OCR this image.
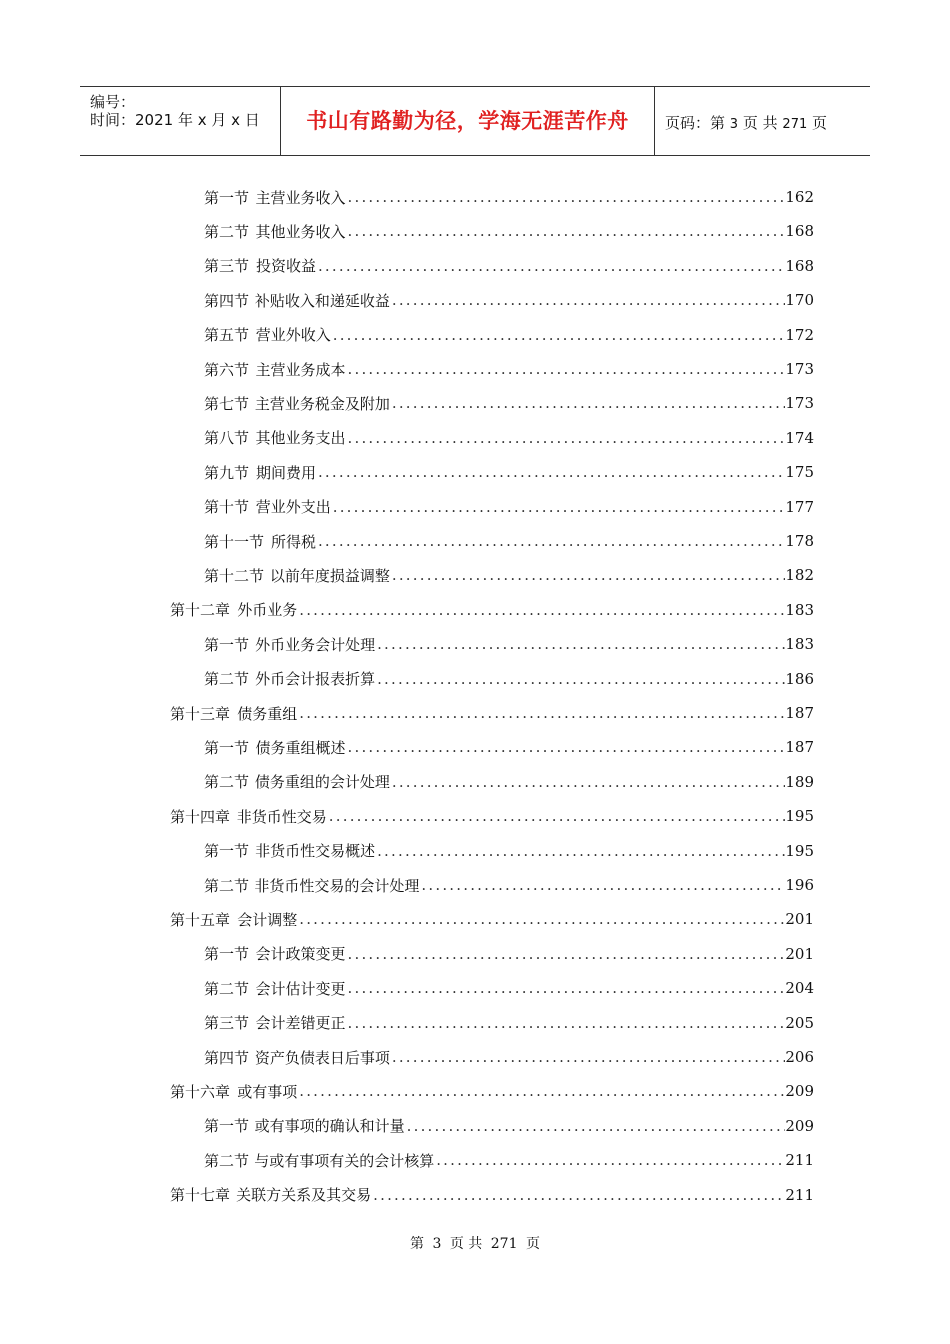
编号：
时间：2021 年 x 月 x 日	书山有路勤为径，学海无涯苦作舟	页码：第 3 页 共 271 页
第一节 主营业务收入 .....	162
第二节 其他业务收入 .....	168
第三节 投资收益 .....	168
第四节 补贴收入和递延收益 .....	170
第五节 营业外收入 .....	172
第六节 主营业务成本 .....	173
第七节 主营业务税金及附加 .....	173
第八节 其他业务支出 .....	174
第九节 期间费用 .....	175
第十节 营业外支出 .....	177
第十一节 所得税 .....	178
第十二节 以前年度损益调整 .....	182
第十二章 外币业务 .....	183
第一节 外币业务会计处理 .....	183
第二节 外币会计报表折算 .....	186
第十三章 债务重组 .....	187
第一节 债务重组概述 .....	187
第二节 债务重组的会计处理 .....	189
第十四章 非货币性交易 .....	195
第一节 非货币性交易概述 .....	195
第二节 非货币性交易的会计处理 .....	196
第十五章 会计调整 .....	201
第一节 会计政策变更 .....	201
第二节 会计估计变更 .....	204
第三节 会计差错更正 .....	205
第四节 资产负债表日后事项 .....	206
第十六章 或有事项 .....	209
第一节 或有事项的确认和计量 .....	209
第二节 与或有事项有关的会计核算 .....	211
第十七章 关联方关系及其交易 .....	211
第 3 页 共 271 页
